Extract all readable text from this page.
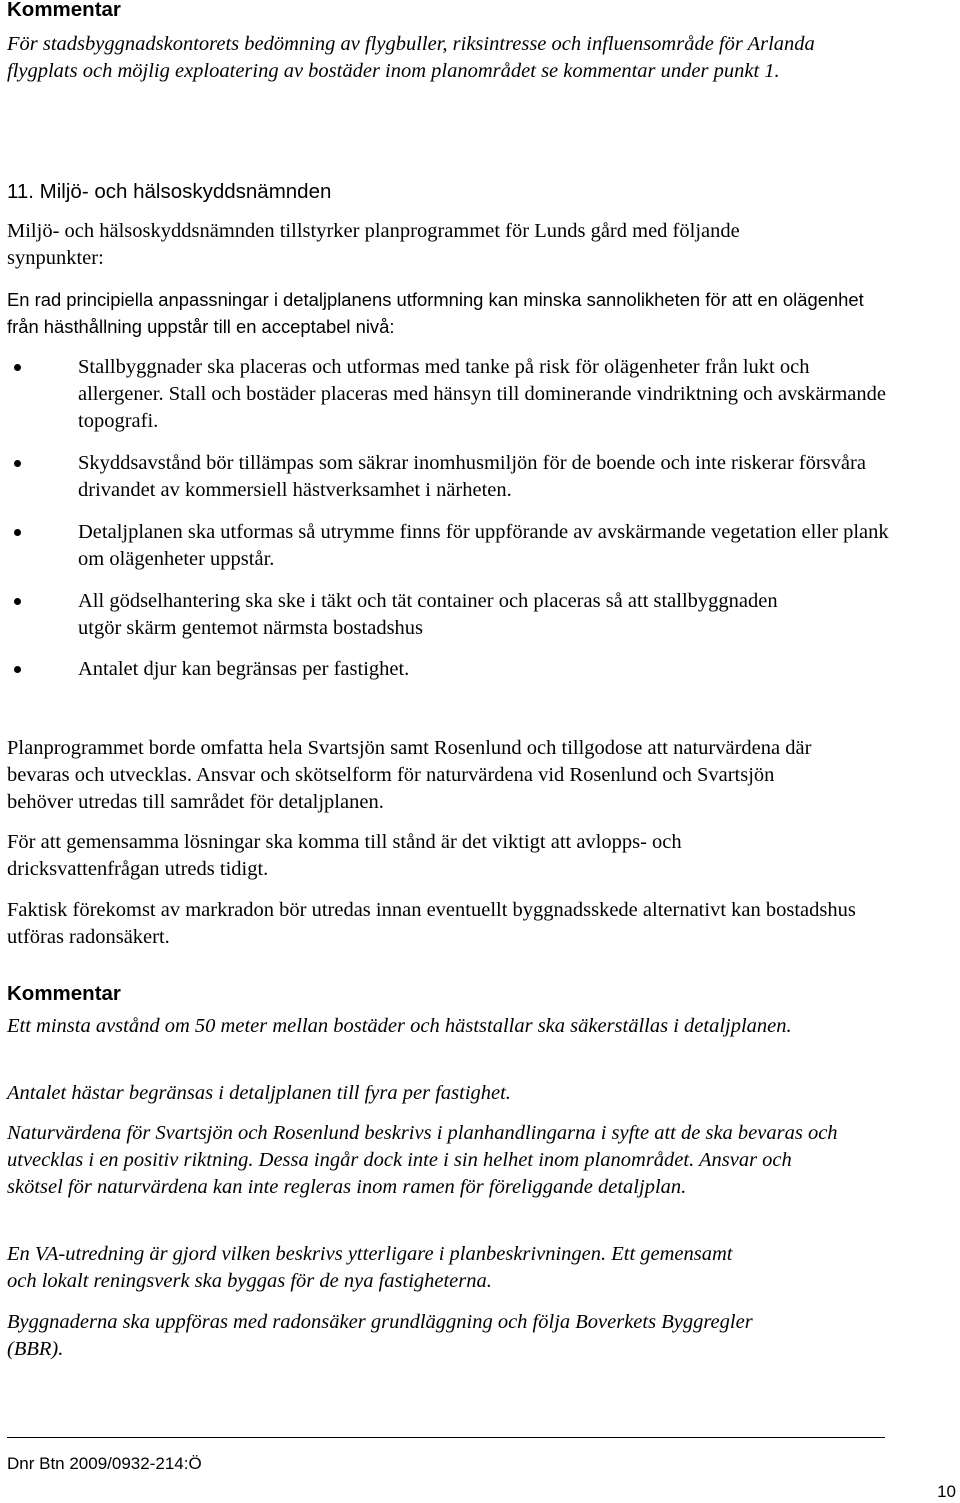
Kommentar

För stadsbyggnadskontorets bedömning av flygbuller, riksintresse och influensområde för Arlanda flygplats och möjlig exploatering av bostäder inom planområdet se kommentar under punkt 1.

11. Miljö- och hälsoskyddsnämnden

Miljö- och hälsoskyddsnämnden tillstyrker planprogrammet för Lunds gård med följande synpunkter:

En rad principiella anpassningar i detaljplanens utformning kan minska sannolikheten för att en olägenhet från hästhållning uppstår till en acceptabel nivå:

Stallbyggnader ska placeras och utformas med tanke på risk för olägenheter från lukt och allergener. Stall och bostäder placeras med hänsyn till dominerande vindriktning och avskärmande topografi.

Skyddsavstånd bör tillämpas som säkrar inomhusmiljön för de boende och inte riskerar försvåra drivandet av kommersiell hästverksamhet i närheten.

Detaljplanen ska utformas så utrymme finns för uppförande av avskärmande vegetation eller plank om olägenheter uppstår.

All gödselhantering ska ske i täkt och tät container och placeras så att stallbyggnaden utgör skärm gentemot närmsta bostadshus

Antalet djur kan begränsas per fastighet.

Planprogrammet borde omfatta hela Svartsjön samt Rosenlund och tillgodose att naturvärdena där bevaras och utvecklas. Ansvar och skötselform för naturvärdena vid Rosenlund och Svartsjön behöver utredas till samrådet för detaljplanen.

För att gemensamma lösningar ska komma till stånd är det viktigt att avlopps- och dricksvattenfrågan utreds tidigt.

Faktisk förekomst av markradon bör utredas innan eventuellt byggnadsskede alternativt kan bostadshus utföras radonsäkert.

Kommentar

Ett minsta avstånd om 50 meter mellan bostäder och häststallar ska säkerställas i detaljplanen.

Antalet hästar begränsas i detaljplanen till fyra per fastighet.

Naturvärdena för Svartsjön och Rosenlund beskrivs i planhandlingarna i syfte att de ska bevaras och utvecklas i en positiv riktning. Dessa ingår dock inte i sin helhet inom planområdet. Ansvar och skötsel för naturvärdena kan inte regleras inom ramen för föreliggande detaljplan.

En VA-utredning är gjord vilken beskrivs ytterligare i planbeskrivningen. Ett gemensamt och lokalt reningsverk ska byggas för de nya fastigheterna.

Byggnaderna ska uppföras med radonsäker grundläggning och följa Boverkets Byggregler (BBR).

Dnr Btn 2009/0932-214:Ö

10
